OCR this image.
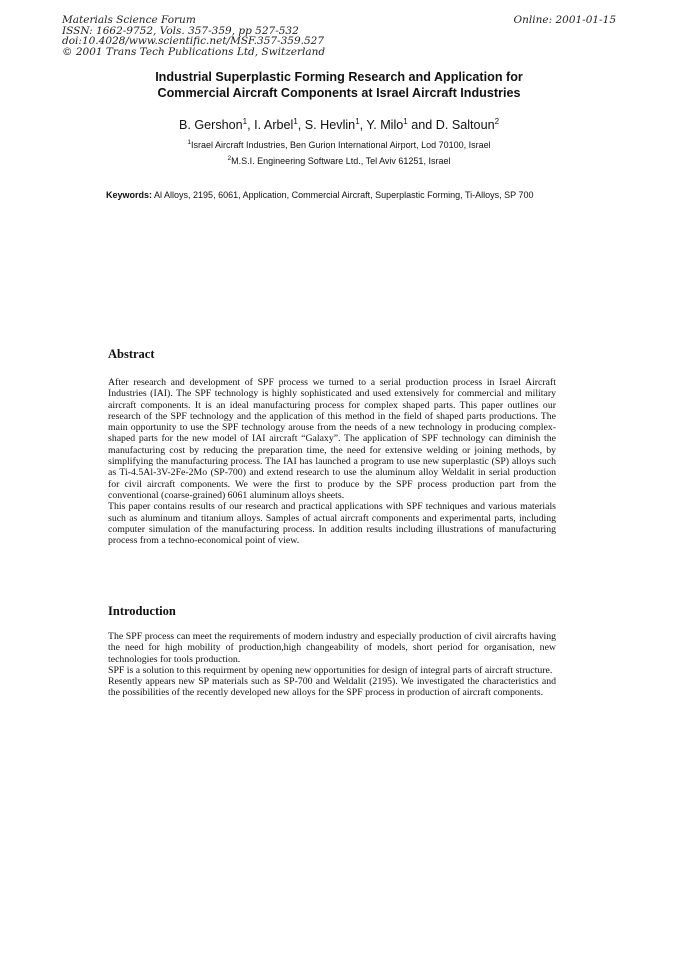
Materials Science Forum
ISSN: 1662-9752, Vols. 357-359, pp 527-532
doi:10.4028/www.scientific.net/MSF.357-359.527
© 2001 Trans Tech Publications Ltd, Switzerland
Online: 2001-01-15
Industrial Superplastic Forming Research and Application for
Commercial Aircraft Components at Israel Aircraft Industries
B. Gershon$^1$, I. Arbel$^1$, S. Hevlin$^1$, Y. Milo$^1$ and D. Saltoun$^2$
$^1$Israel Aircraft Industries, Ben Gurion International Airport, Lod 70100, Israel
$^2$M.S.I. Engineering Software Ltd., Tel Aviv 61251, Israel
Keywords: Al Alloys, 2195, 6061, Application, Commercial Aircraft, Superplastic Forming, Ti-Alloys, SP 700
Abstract

After research and development of SPF process we turned to a serial production process in Israel Aircraft Industries (IAI). The SPF technology is highly sophisticated and used extensively for commercial and military aircraft components. It is an ideal manufacturing process for complex shaped parts. This paper outlines our research of the SPF technology and the application of this method in the field of shaped parts productions. The main opportunity to use the SPF technology arouse from the needs of a new technology in producing complex-shaped parts for the new model of IAI aircraft “Galaxy”. The application of SPF technology can diminish the manufacturing cost by reducing the preparation time, the need for extensive welding or joining methods, by simplifying the manufacturing process. The IAI has launched a program to use new superplastic (SP) alloys such as Ti-4.5Al-3V-2Fe-2Mo (SP-700) and extend research to use the aluminum alloy Weldalit in serial production for civil aircraft components. We were the first to produce by the SPF process production part from the conventional (coarse-grained) 6061 aluminum alloys sheets.

This paper contains results of our research and practical applications with SPF techniques and various materials such as aluminum and titanium alloys. Samples of actual aircraft components and experimental parts, including computer simulation of the manufacturing process. In addition results including illustrations of manufacturing process from a techno-economical point of view.

Introduction

The SPF process can meet the requirements of modern industry and especially production of civil aircrafts having the need for high mobility of production,high changeability of models, short period for organisation, new technologies for tools production.

SPF is a solution to this requirment by opening new opportunities for design of integral parts of aircraft structure.

Resently appears new SP materials such as SP-700 and Weldalit (2195). We investigated the characteristics and the possibilities of the recently developed new alloys for the SPF process in production of aircraft components.
